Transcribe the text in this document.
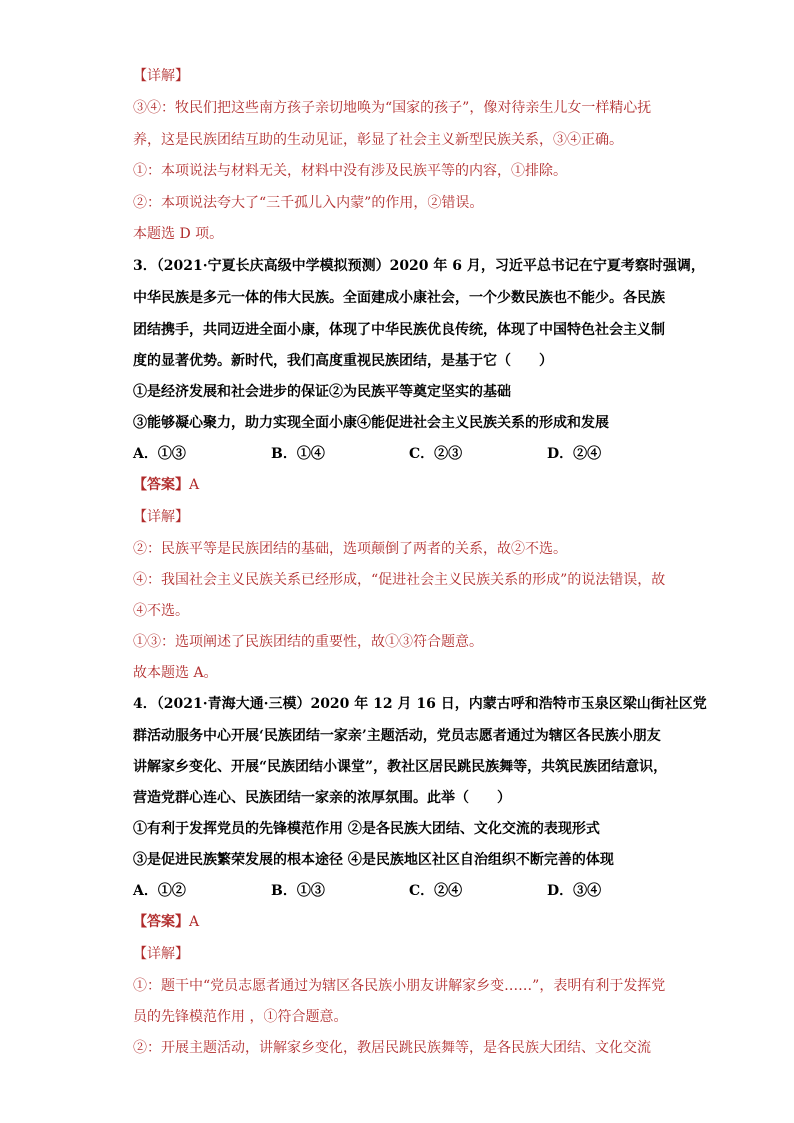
【详解】
③④：牧民们把这些南方孩子亲切地唤为“国家的孩子”，像对待亲生儿女一样精心抚
养，这是民族团结互助的生动见证，彰显了社会主义新型民族关系，③④正确。
①：本项说法与材料无关，材料中没有涉及民族平等的内容，①排除。
②：本项说法夸大了“三千孤儿入内蒙”的作用，②错误。
本题选 D 项。
3．（2021·宁夏长庆高级中学模拟预测）2020 年 6 月，习近平总书记在宁夏考察时强调，
中华民族是多元一体的伟大民族。全面建成小康社会，一个少数民族也不能少。各民族
团结携手，共同迈进全面小康，体现了中华民族优良传统，体现了中国特色社会主义制
度的显著优势。新时代，我们高度重视民族团结，是基于它（　　）
①是经济发展和社会进步的保证②为民族平等奠定坚实的基础
③能够凝心聚力，助力实现全面小康④能促进社会主义民族关系的形成和发展
A．①③	B．①④	C．②③	D．②④
【答案】A
【详解】
②：民族平等是民族团结的基础，选项颠倒了两者的关系，故②不选。
④：我国社会主义民族关系已经形成，“促进社会主义民族关系的形成”的说法错误，故
④不选。
①③：选项阐述了民族团结的重要性，故①③符合题意。
故本题选 A。
4．（2021·青海大通·三模）2020 年 12 月 16 日，内蒙古呼和浩特市玉泉区梁山街社区党
群活动服务中心开展‘民族团结一家亲’主题活动，党员志愿者通过为辖区各民族小朋友
讲解家乡变化、开展“民族团结小课堂”，教社区居民跳民族舞等，共筑民族团结意识，
营造党群心连心、民族团结一家亲的浓厚氛围。此举（　　）
①有利于发挥党员的先锋模范作用 ②是各民族大团结、文化交流的表现形式
③是促进民族繁荣发展的根本途径 ④是民族地区社区自治组织不断完善的体现
A．①②	B．①③	C．②④	D．③④
【答案】A
【详解】
①：题干中“党员志愿者通过为辖区各民族小朋友讲解家乡变……”，表明有利于发挥党
员的先锋模范作用 ，①符合题意。
②：开展主题活动，讲解家乡变化，教居民跳民族舞等，是各民族大团结、文化交流
